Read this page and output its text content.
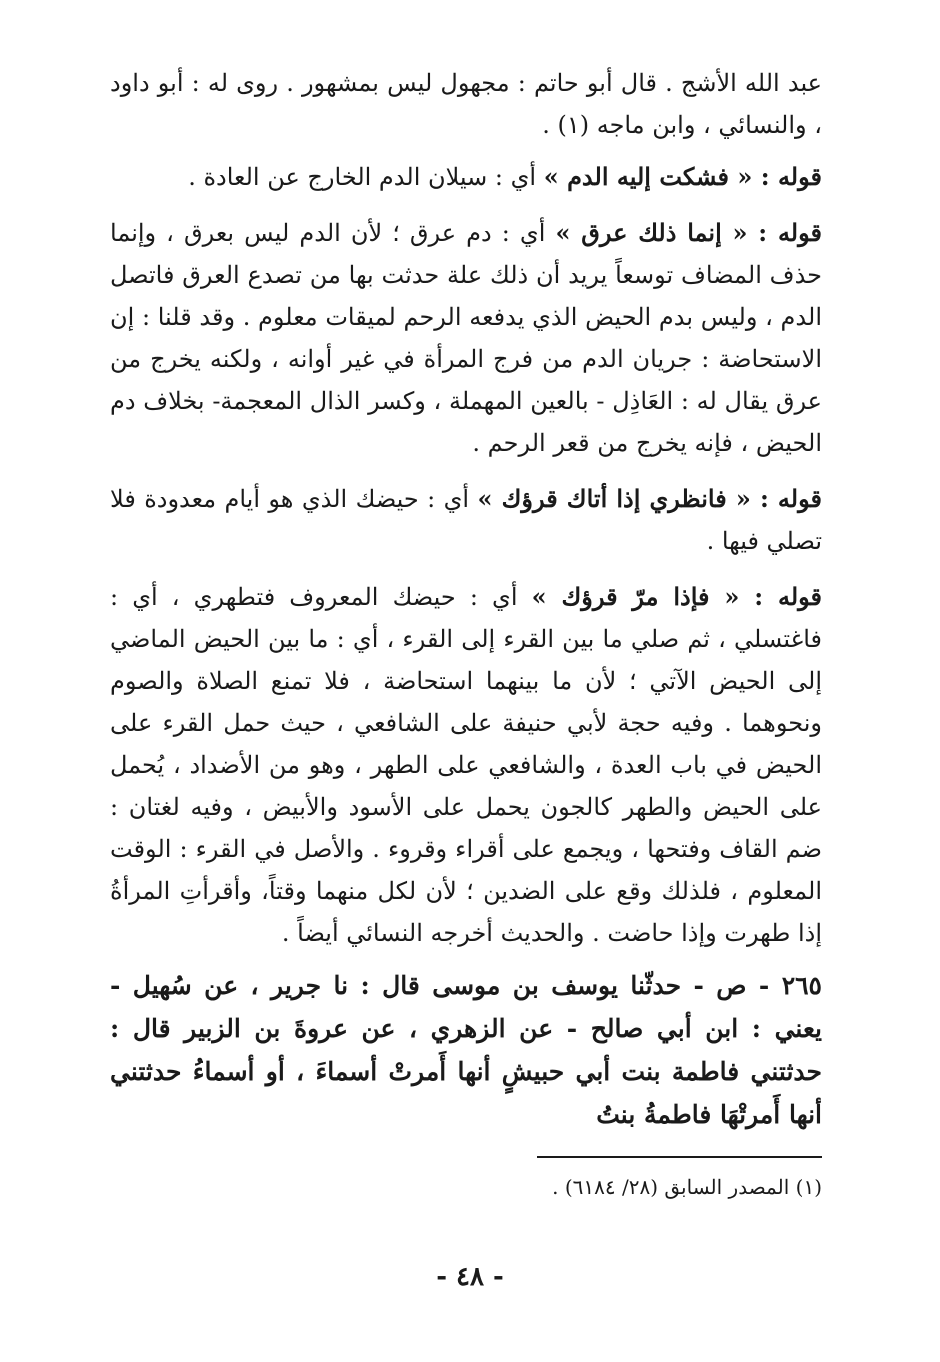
عبد الله الأشج . قال أبو حاتم : مجهول ليس بمشهور . روى له : أبو داود ، والنسائي ، وابن ماجه (١) .

قوله : « فشكت إليه الدم » أي : سيلان الدم الخارج عن العادة .

قوله : « إنما ذلك عرق » أي : دم عرق ؛ لأن الدم ليس بعرق ، وإنما حذف المضاف توسعاً يريد أن ذلك علة حدثت بها من تصدع العرق فاتصل الدم ، وليس بدم الحيض الذي يدفعه الرحم لميقات معلوم . وقد قلنا : إن الاستحاضة : جريان الدم من فرج المرأة في غير أوانه ، ولكنه يخرج من عرق يقال له : العَاذِل - بالعين المهملة ، وكسر الذال المعجمة- بخلاف دم الحيض ، فإنه يخرج من قعر الرحم .

قوله : « فانظري إذا أتاك قرؤك » أي : حيضك الذي هو أيام معدودة فلا تصلي فيها .

قوله : « فإذا مرّ قرؤك » أي : حيضك المعروف فتطهري ، أي : فاغتسلي ، ثم صلي ما بين القرء إلى القرء ، أي : ما بين الحيض الماضي إلى الحيض الآتي ؛ لأن ما بينهما استحاضة ، فلا تمنع الصلاة والصوم ونحوهما . وفيه حجة لأبي حنيفة على الشافعي ، حيث حمل القرء على الحيض في باب العدة ، والشافعي على الطهر ، وهو من الأضداد ، يُحمل على الحيض والطهر كالجون يحمل على الأسود والأبيض ، وفيه لغتان : ضم القاف وفتحها ، ويجمع على أقراء وقروء . والأصل في القرء : الوقت المعلوم ، فلذلك وقع على الضدين ؛ لأن لكل منهما وقتاً، وأقرأتِ المرأةُ إذا طهرت وإذا حاضت . والحديث أخرجه النسائي أيضاً .

٢٦٥ - ص - حدثّنا يوسف بن موسى قال : نا جرير ، عن سُهيل - يعني : ابن أبي صالح - عن الزهري ، عن عروةَ بن الزبير قال : حدثتني فاطمة بنت أبي حبيشٍ أنها أَمرتْ أسماءَ ، أو أسماءُ حدثتني أنها أَمرتْهَا فاطمةُ بنتُ

(١) المصدر السابق (٢٨/ ٦١٨٤) .
- ٤٨ -
